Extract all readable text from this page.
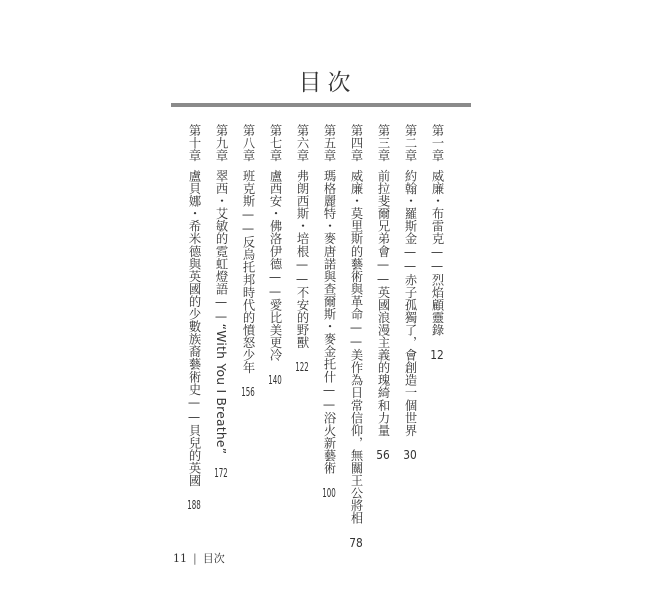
目次
第一章威廉・布雷克——烈焰顧靈錄　12
第二章約翰・羅斯金——赤子孤獨了，會創造一個世界　30
第三章前拉斐爾兄弟會——英國浪漫主義的瑰綺和力量　56
第四章威廉・莫里斯的藝術與革命——美作為日常信仰，無關王公將相　78
第五章瑪格麗特・麥唐諾與查爾斯・麥金托什——浴火新藝術　100
第六章弗朗西斯・培根——不安的野獸　122
第七章盧西安・佛洛伊德——愛比美更冷　140
第八章班克斯——反烏托邦時代的憤怒少年　156
第九章翠西・艾敏的霓虹燈語——“With You I Breathe”　172
第十章盧貝娜・希米德與英國的少數族裔藝術史——貝兒的英國　188
11 | 目次
